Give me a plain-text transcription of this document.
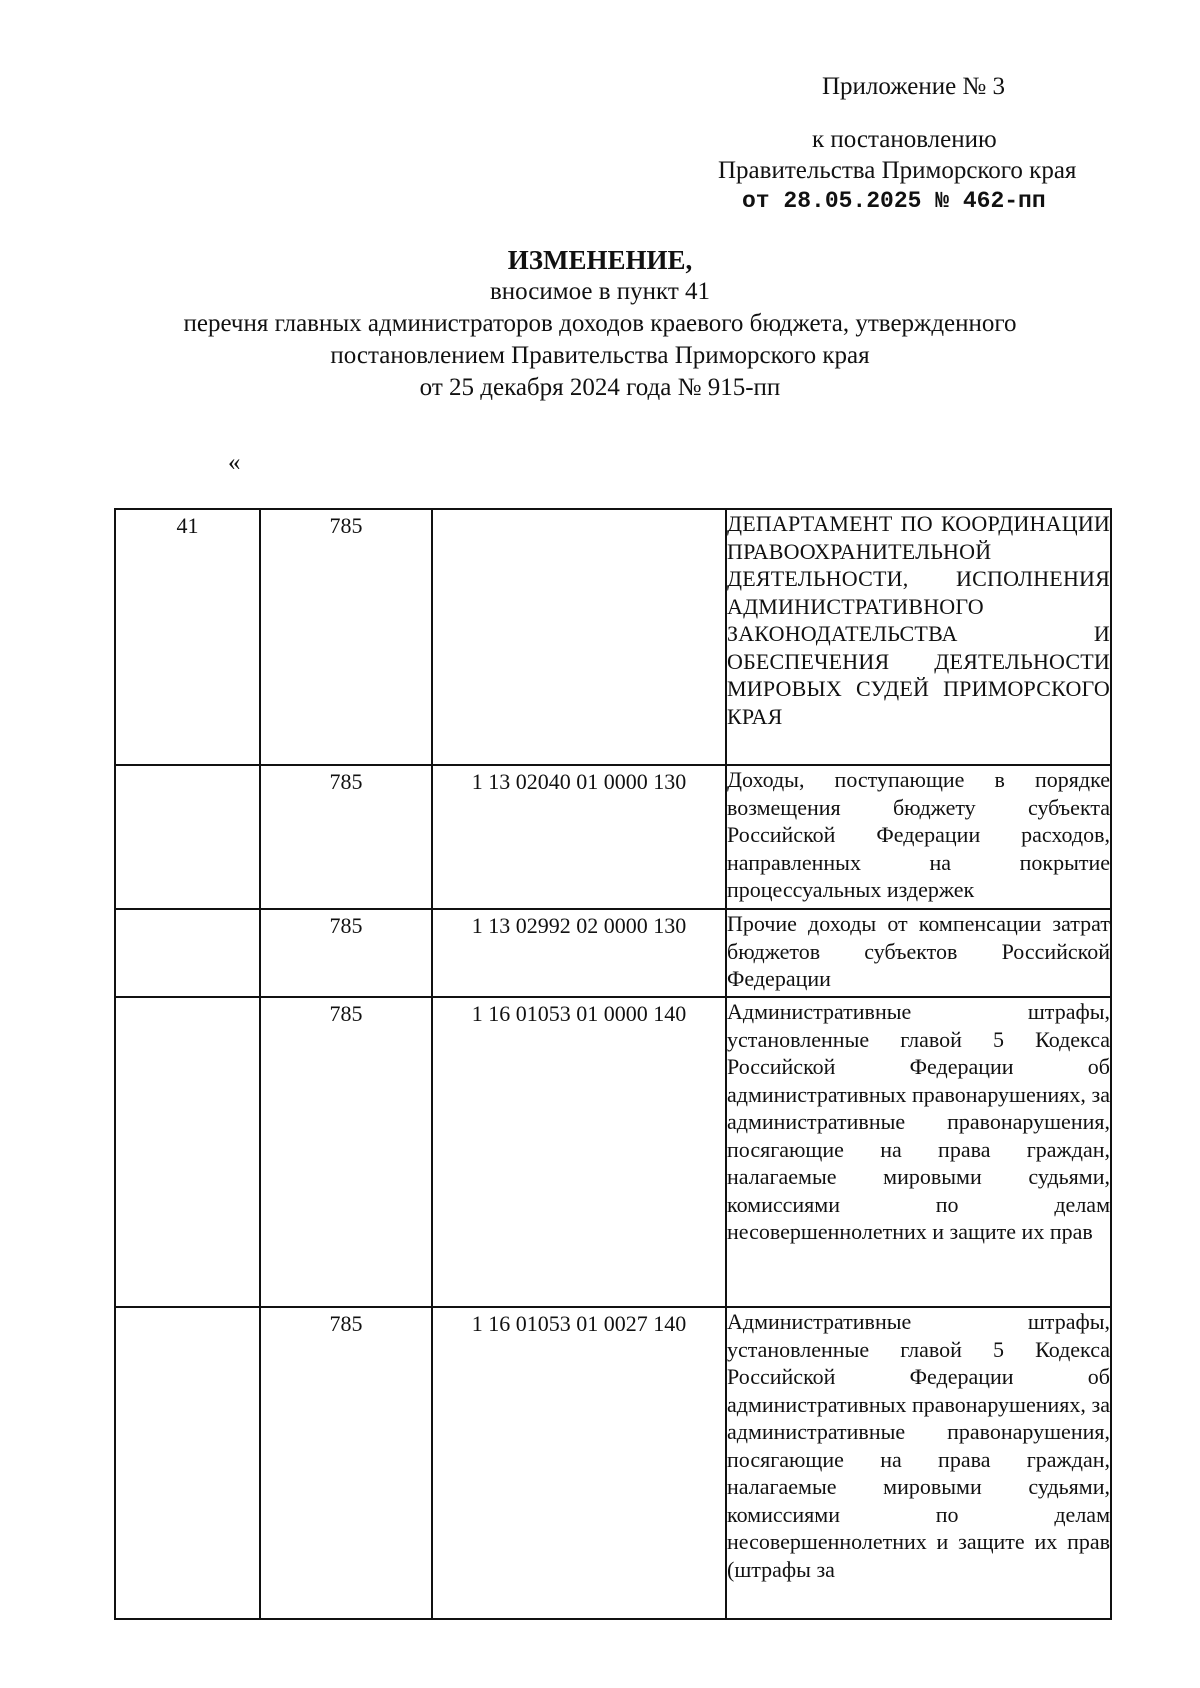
Приложение № 3
к постановлению
Правительства Приморского края
от 28.05.2025 № 462-пп
ИЗМЕНЕНИЕ,
вносимое в пункт 41
перечня главных администраторов доходов краевого бюджета, утвержденного
постановлением Правительства Приморского края
от 25 декабря 2024 года № 915-пп
«
41	785		ДЕПАРТАМЕНТ ПО КООРДИНАЦИИ ПРАВООХРАНИТЕЛЬНОЙ ДЕЯТЕЛЬНОСТИ, ИСПОЛНЕНИЯ АДМИНИСТРАТИВНОГО ЗАКОНОДАТЕЛЬСТВА И ОБЕСПЕЧЕНИЯ ДЕЯТЕЛЬНОСТИ МИРОВЫХ СУДЕЙ ПРИМОРСКОГО КРАЯ

	785	1 13 02040 01 0000 130	Доходы, поступающие в порядке возмещения бюджету субъекта Российской Федерации расходов, направленных на покрытие процессуальных издержек

	785	1 13 02992 02 0000 130	Прочие доходы от компенсации затрат бюджетов субъектов Российской Федерации

	785	1 16 01053 01 0000 140	Административные штрафы, установленные главой 5 Кодекса Российской Федерации об административных правонарушениях, за административные правонарушения, посягающие на права граждан, налагаемые мировыми судьями, комиссиями по делам несовершеннолетних и защите их прав

	785	1 16 01053 01 0027 140	Административные штрафы, установленные главой 5 Кодекса Российской Федерации об административных правонарушениях, за административные правонарушения, посягающие на права граждан, налагаемые мировыми судьями, комиссиями по делам несовершеннолетних и защите их прав (штрафы за
